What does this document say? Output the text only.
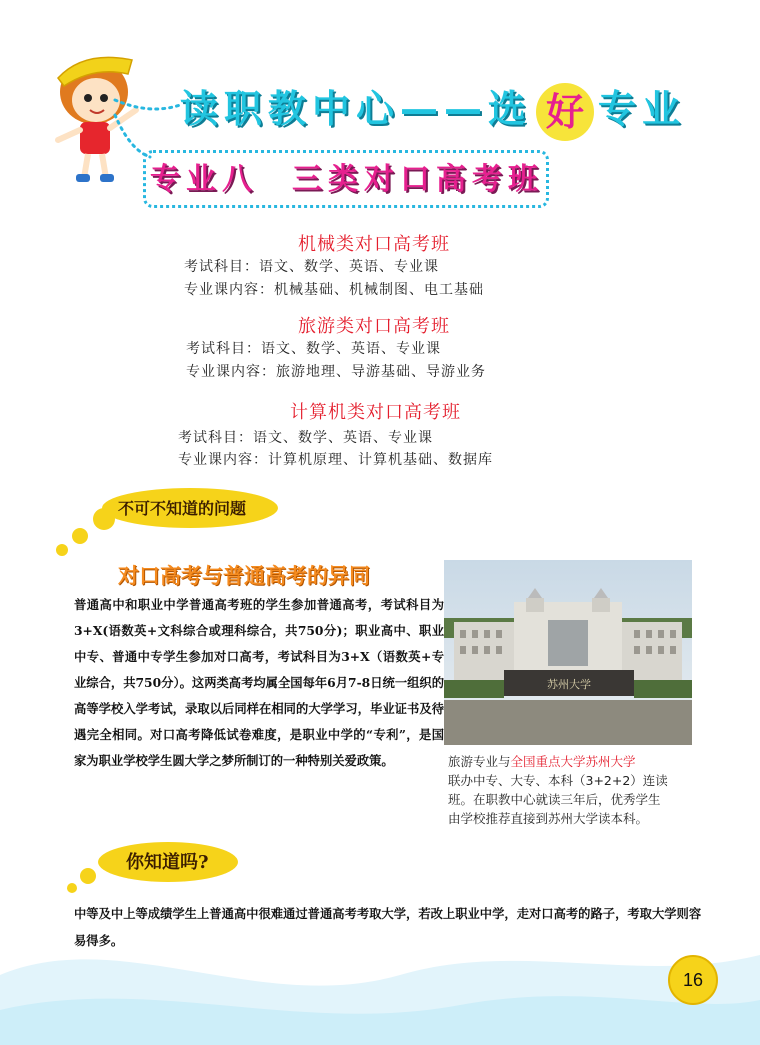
读职教中心——选 好 专业
专业八 三类对口高考班
机械类对口高考班
考试科目：语文、数学、英语、专业课
专业课内容：机械基础、机械制图、电工基础
旅游类对口高考班
考试科目：语文、数学、英语、专业课
专业课内容：旅游地理、导游基础、导游业务
计算机类对口高考班
考试科目：语文、数学、英语、专业课
专业课内容：计算机原理、计算机基础、数据库
不可不知道的问题
对口高考与普通高考的异同
普通高中和职业中学普通高考班的学生参加普通高考，考试科目为3+X(语数英+文科综合或理科综合，共750分)；职业高中、职业中专、普通中专学生参加对口高考，考试科目为3+X（语数英+专业综合，共750分）。这两类高考均属全国每年6月7-8日统一组织的高等学校入学考试，录取以后同样在相同的大学学习，毕业证书及待遇完全相同。对口高考降低试卷难度，是职业中学的“专利”，是国家为职业学校学生圆大学之梦所制订的一种特别关爱政策。
苏州大学
旅游专业与全国重点大学苏州大学
联办中专、大专、本科（3+2+2）连读
班。在职教中心就读三年后，优秀学生
由学校推荐直接到苏州大学读本科。
你知道吗?
中等及中上等成绩学生上普通高中很难通过普通高考考取大学，若改上职业中学，走对口高考的路子，考取大学则容易得多。
16
